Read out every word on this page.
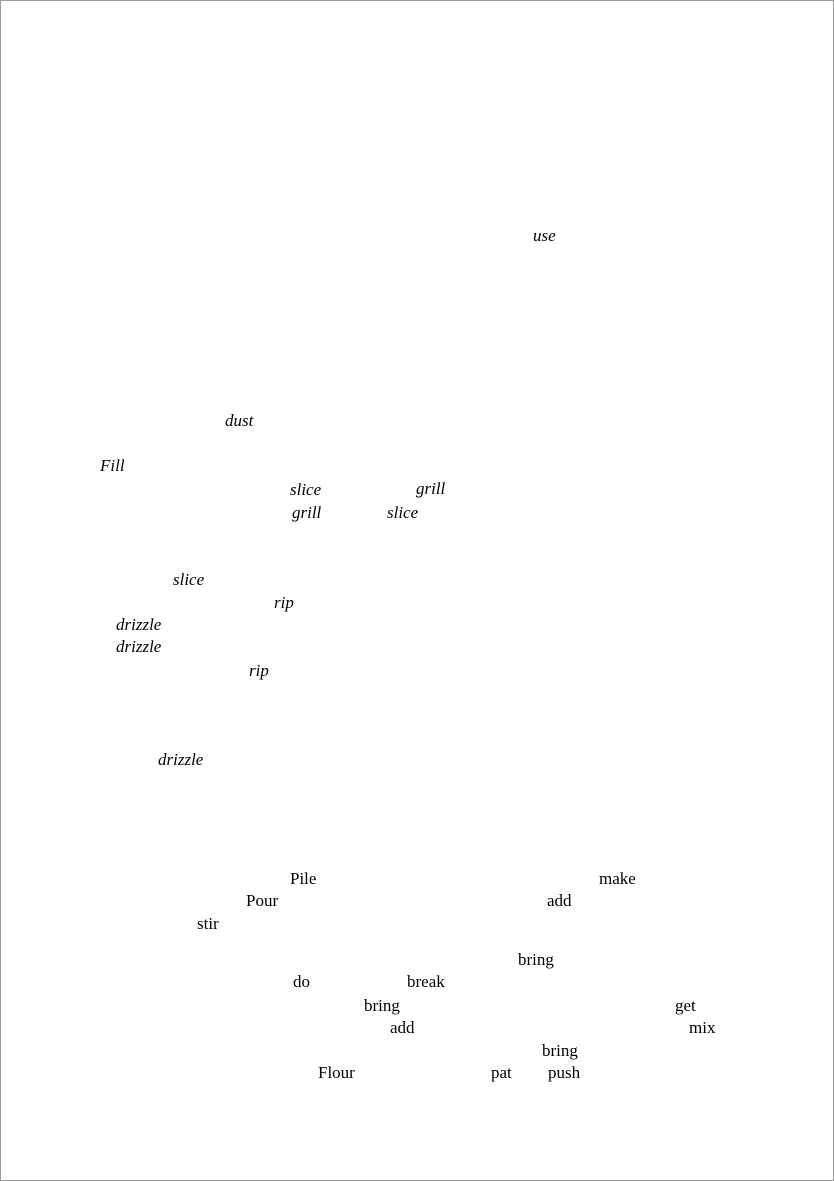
use
dust
Fill
slice	grill
grill	slice
slice
rip
drizzle
drizzle
rip
drizzle
Pile	make
Pour	add
stir
bring
do	break
bring	get
add	mix
bring
Flour	pat push
